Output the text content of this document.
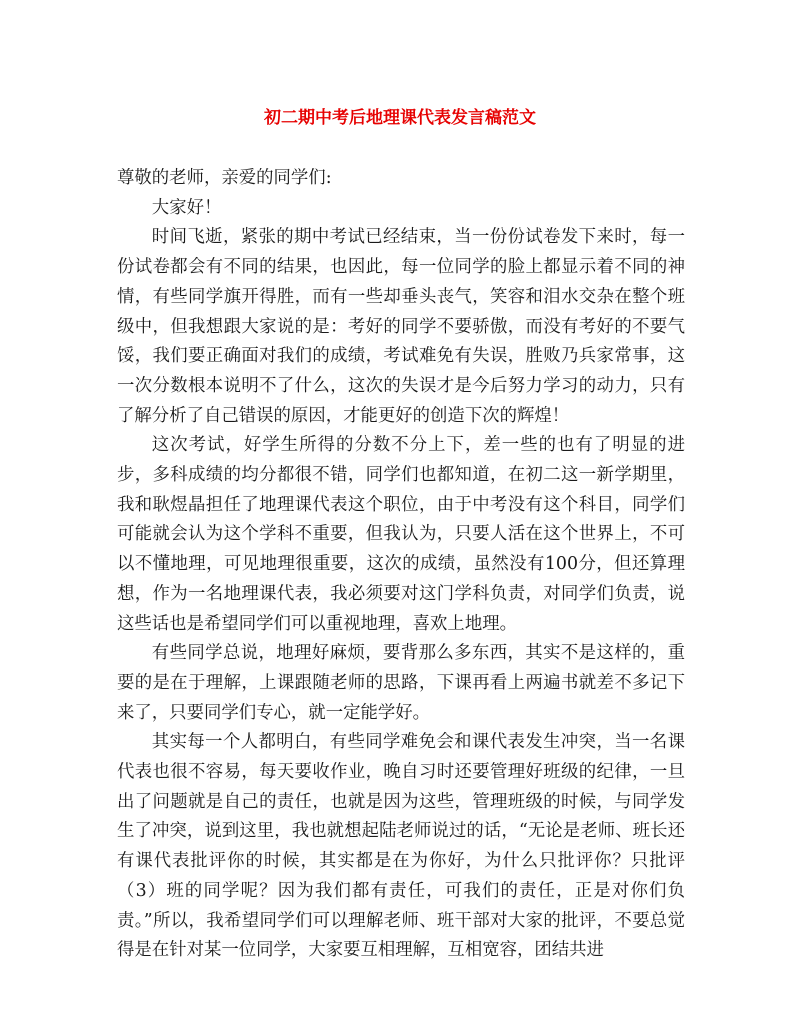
初二期中考后地理课代表发言稿范文

尊敬的老师，亲爱的同学们:

大家好！

时间飞逝，紧张的期中考试已经结束，当一份份试卷发下来时，每一份试卷都会有不同的结果，也因此，每一位同学的脸上都显示着不同的神情，有些同学旗开得胜，而有一些却垂头丧气，笑容和泪水交杂在整个班级中，但我想跟大家说的是：考好的同学不要骄傲，而没有考好的不要气馁，我们要正确面对我们的成绩，考试难免有失误，胜败乃兵家常事，这一次分数根本说明不了什么，这次的失误才是今后努力学习的动力，只有了解分析了自己错误的原因，才能更好的创造下次的辉煌！

这次考试，好学生所得的分数不分上下，差一些的也有了明显的进步，多科成绩的均分都很不错，同学们也都知道，在初二这一新学期里，我和耿煜晶担任了地理课代表这个职位，由于中考没有这个科目，同学们可能就会认为这个学科不重要，但我认为，只要人活在这个世界上，不可以不懂地理，可见地理很重要，这次的成绩，虽然没有100分，但还算理想，作为一名地理课代表，我必须要对这门学科负责，对同学们负责，说这些话也是希望同学们可以重视地理，喜欢上地理。

有些同学总说，地理好麻烦，要背那么多东西，其实不是这样的，重要的是在于理解，上课跟随老师的思路，下课再看上两遍书就差不多记下来了，只要同学们专心，就一定能学好。

其实每一个人都明白，有些同学难免会和课代表发生冲突，当一名课代表也很不容易，每天要收作业，晚自习时还要管理好班级的纪律，一旦出了问题就是自己的责任，也就是因为这些，管理班级的时候，与同学发生了冲突，说到这里，我也就想起陆老师说过的话，“无论是老师、班长还有课代表批评你的时候，其实都是在为你好，为什么只批评你？只批评（3）班的同学呢？因为我们都有责任，可我们的责任，正是对你们负责。”所以，我希望同学们可以理解老师、班干部对大家的批评，不要总觉得是在针对某一位同学，大家要互相理解，互相宽容，团结共进
